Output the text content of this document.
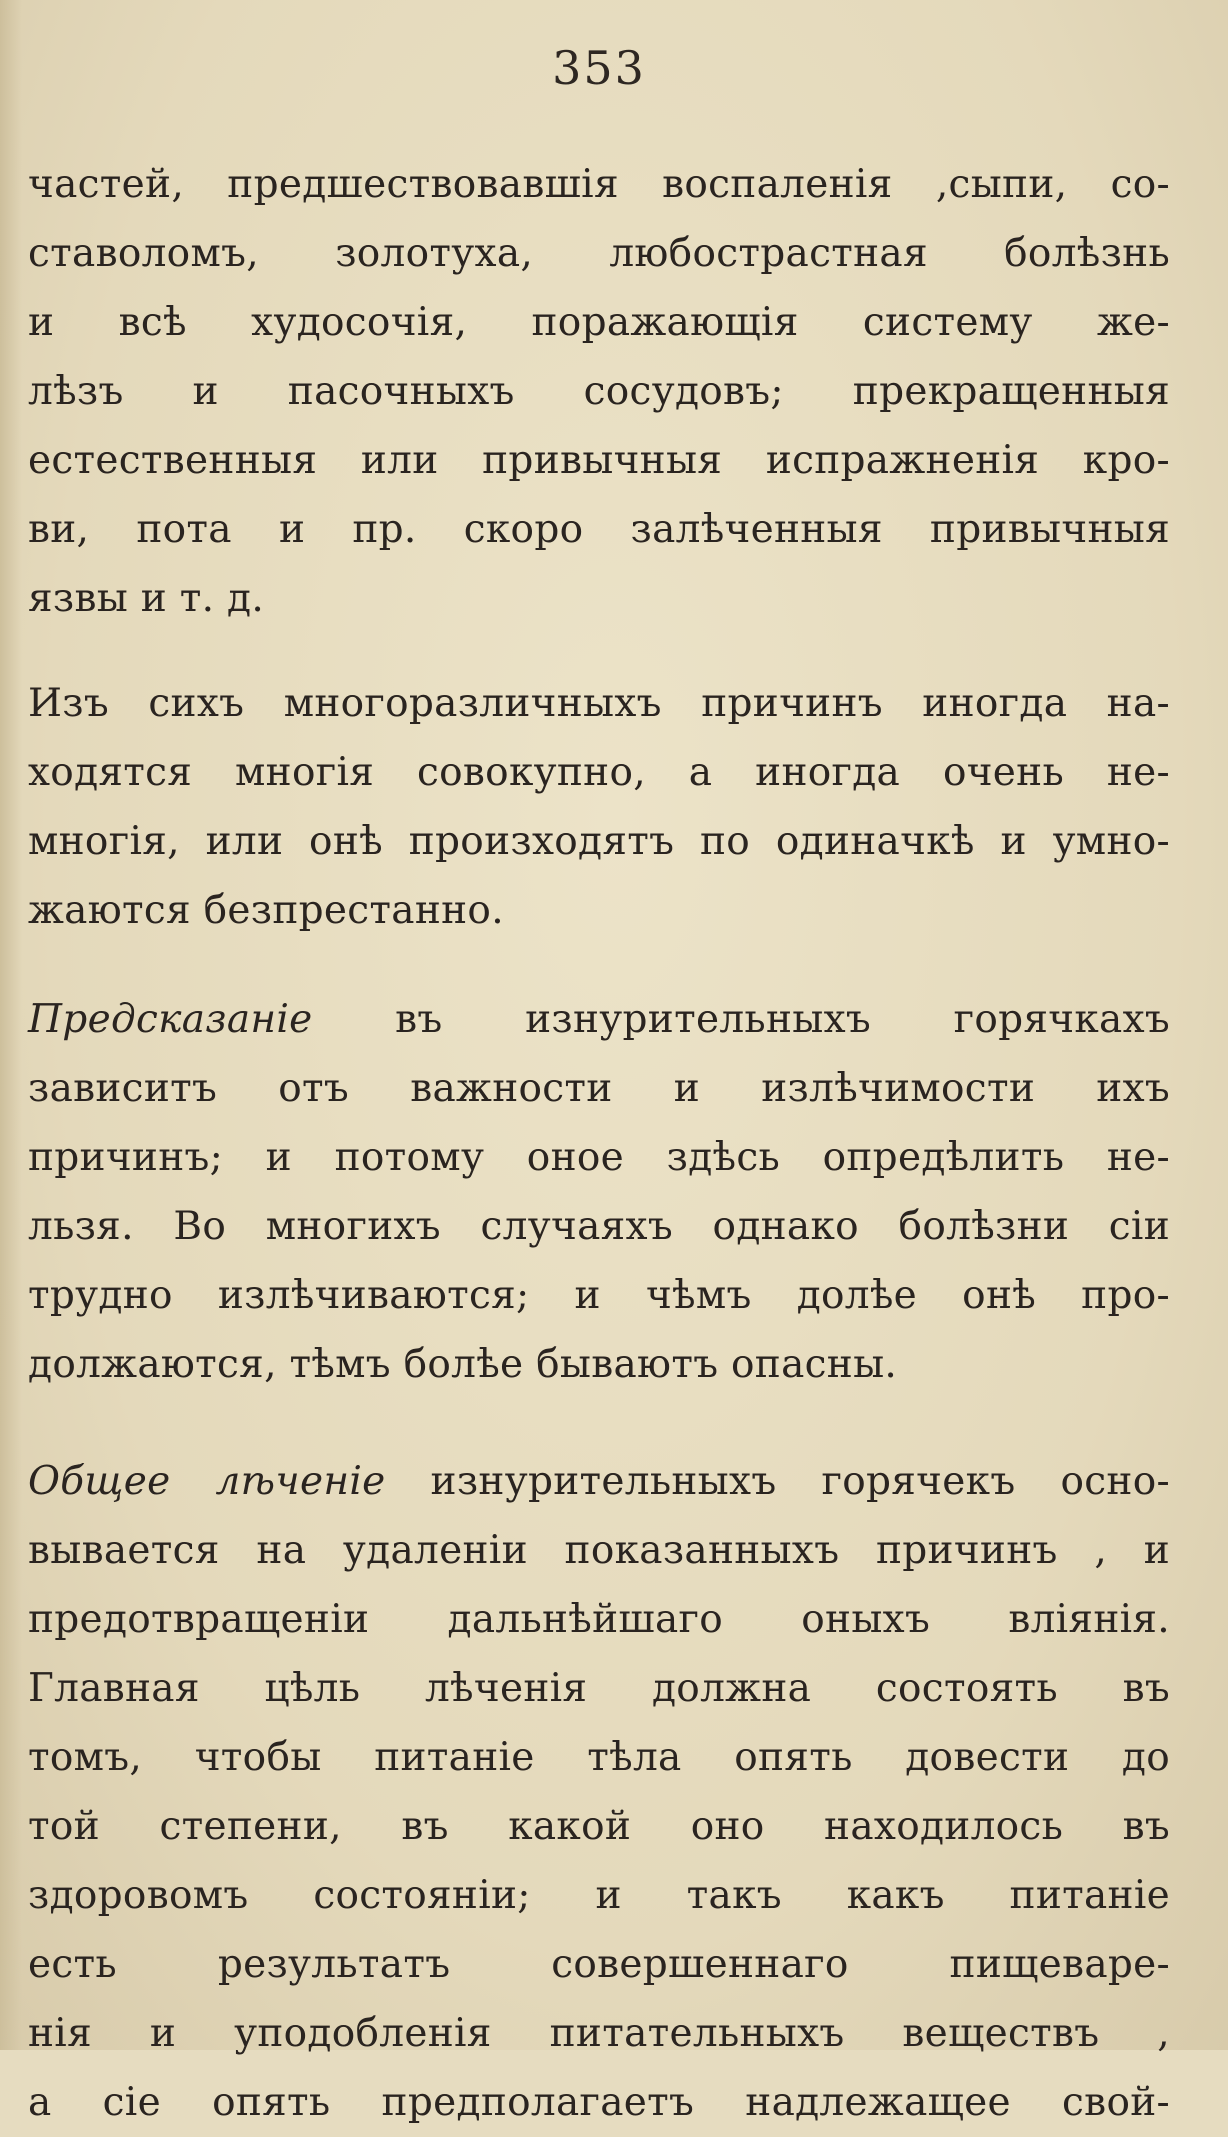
353
частей, предшествовавшія воспаленія ,сыпи, со-
ставоломъ, золотуха, любострастная болѣзнь
и всѣ худосочія, поражающія систему же-
лѣзъ и пасочныхъ сосудовъ; прекращенныя
естественныя или привычныя испражненія кро-
ви, пота и пр. скоро залѣченныя привычныя
язвы и т. д.
Изъ сихъ многоразличныхъ причинъ иногда на-
ходятся многія совокупно, а иногда очень не-
многія, или онѣ произходятъ по одиначкѣ и умно-
жаются безпрестанно.
Предсказаніе въ изнурительныхъ горячкахъ
зависитъ отъ важности и излѣчимости ихъ
причинъ; и потому оное здѣсь опредѣлить не-
льзя. Во многихъ случаяхъ однако болѣзни сіи
трудно излѣчиваются; и чѣмъ долѣе онѣ про-
должаются, тѣмъ болѣе бываютъ опасны.
Общее лѣченіе изнурительныхъ горячекъ осно-
вывается на удаленіи показанныхъ причинъ , и
предотвращеніи дальнѣйшаго оныхъ вліянія.
Главная цѣль лѣченія должна состоять въ
томъ, чтобы питаніе тѣла опять довести до
той степени, въ какой оно находилось въ
здоровомъ состояніи; и такъ какъ питаніе
есть результатъ совершеннаго пищеваре-
нія и уподобленія питательныхъ веществъ ,
а сіе опять предполагаетъ надлежащее свой-
